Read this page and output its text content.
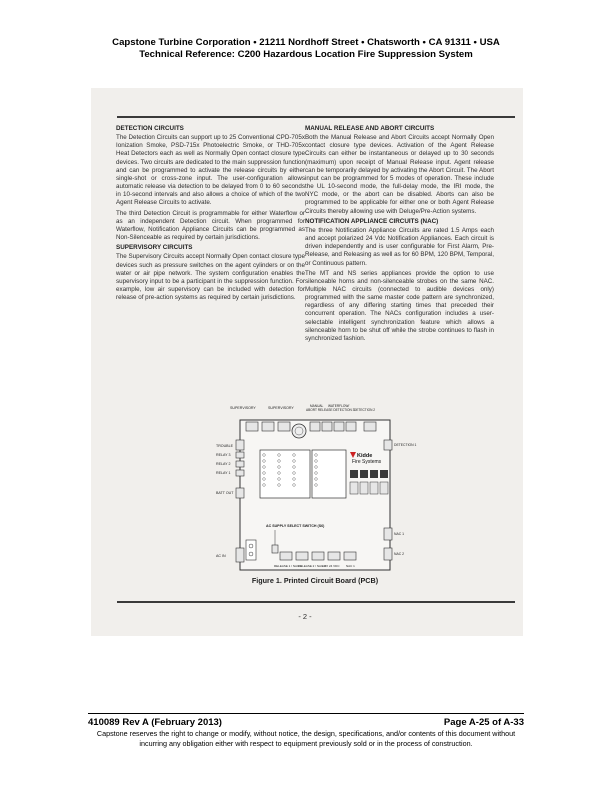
Capstone Turbine Corporation • 21211 Nordhoff Street • Chatsworth • CA 91311 • USA
Technical Reference: C200 Hazardous Location Fire Suppression System
DETECTION CIRCUITS

The Detection Circuits can support up to 25 Conventional CPD-705x Ionization Smoke, PSD-715x Photoelectric Smoke, or THD-705x Heat Detectors each as well as Normally Open contact closure type devices. Two circuits are dedicated to the main suppression function and can be programmed to activate the release circuits by either single-shot or cross-zone input. The user-configuration allows automatic release via detection to be delayed from 0 to 60 seconds in 10-second intervals and also allows a choice of which of the two Agent Release Circuits to activate.

The third Detection Circuit is programmable for either Waterflow or as an independent Detection circuit. When programmed for Waterflow, Notification Appliance Circuits can be programmed as Non-Silenceable as required by certain jurisdictions.

SUPERVISORY CIRCUITS

The Supervisory Circuits accept Normally Open contact closure type devices such as pressure switches on the agent cylinders or on the water or air pipe network. The system configuration enables the supervisory input to be a participant in the suppression function. For example, low air supervisory can be included with detection for release of pre-action systems as required by certain jurisdictions.

MANUAL RELEASE AND ABORT CIRCUITS

Both the Manual Release and Abort Circuits accept Normally Open contact closure type devices. Activation of the Agent Release Circuits can either be instantaneous or delayed up to 30 seconds (maximum) upon receipt of Manual Release input. Agent release can be temporarily delayed by activating the Abort Circuit. The Abort input can be programmed for 5 modes of operation. These include the UL 10-second mode, the full-delay mode, the IRI mode, the NYC mode, or the abort can be disabled. Aborts can also be programmed to be applicable for either one or both Agent Release Circuits thereby allowing use with Deluge/Pre-Action systems.

NOTIFICATION APPLIANCE CIRCUITS (NAC)

The three Notification Appliance Circuits are rated 1.5 Amps each and accept polarized 24 Vdc Notification Appliances. Each circuit is driven independently and is user configurable for First Alarm, Pre-Release, and Releasing as well as for 60 BPM, 120 BPM, Temporal, or Continuous pattern.

The MT and NS series appliances provide the option to use silenceable horns and non-silenceable strobes on the same NAC. Multiple NAC circuits (connected to audible devices only) programmed with the same master code pattern are synchronized, regardless of any differing starting times that preceded their concurrent operation. The NACs configuration includes a user-selectable intelligent synchronization feature which allows a silenceable horn to be shut off while the strobe continues to flash in synchronized fashion.

SUPERVISORY	SUPERVISORY	MANUAL WATERFLOW/
DETECTION 2
ABORT RELEASE DETECTION 3
TROUBLE
RELAY 3
RELAY 2
RELAY 1
BATT OUT
AC IN
Kidde
Fire Systems
DETECTION 1
NAC 1
NAC 2
AC SUPPLY SELECT SWITCH (S6)
RELEASE 1 / NAC 3
RELEASE 2 / NAC 3
AUX 24 VDC NAC 1
Figure 1. Printed Circuit Board (PCB)
- 2 -
410089 Rev A (February 2013)	Page A-25 of A-33
Capstone reserves the right to change or modify, without notice, the design, specifications, and/or contents of this document without incurring any obligation either with respect to equipment previously sold or in the process of construction.
